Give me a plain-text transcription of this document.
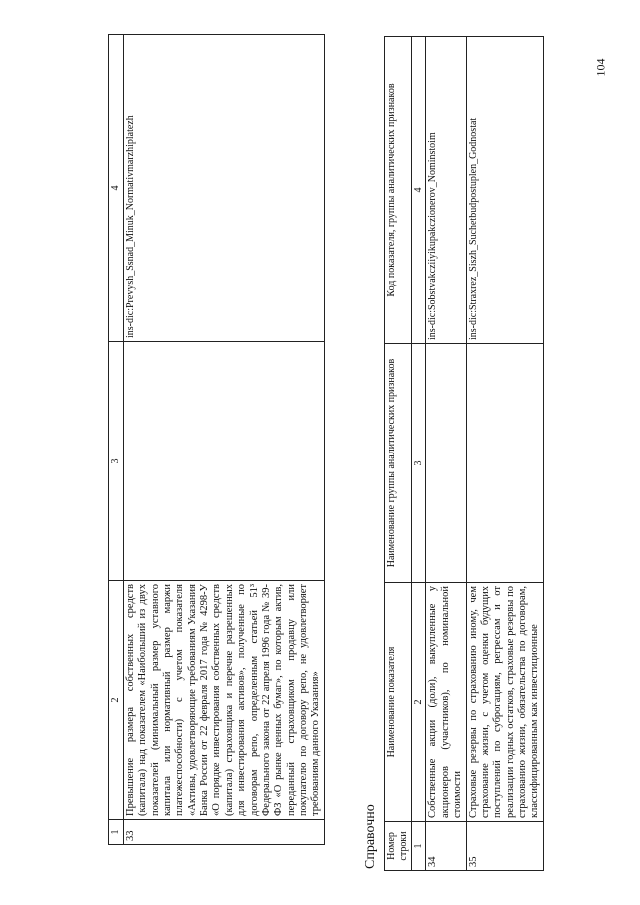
104
1	2	3	4
33	Превышение размера собственных средств (капитала) над показателем «Наибольший из двух показателей (минимальный размер уставного капитала или нормативный размер маржи платежеспособности) с учетом показателя «Активы, удовлетворяющие требованиям Указания Банка России от 22 февраля 2017 года № 4298-У «О порядке инвестирования собственных средств (капитала) страховщика и перечне разрешенных для инвестирования активов», полученные по договорам репо, определенным статьей 51³ Федерального закона от 22 апреля 1996 года № 39-ФЗ «О рынке ценных бумаг», по которым актив, переданный страховщиком продавцу или покупателю по договору репо, не удовлетворяет требованиям данного Указания»		ins-dic:Prevysh_Ssnad_Minuk_Normativmarzhiplatezh
Справочно Номер строки	Наименование показателя	Наименование группы аналитических признаков	Код показателя, группы аналитических признаков
1	2	3	4
34	Собственные акции (доли), выкупленные у акционеров (участников), по номинальной стоимости		ins-dic:Sobstvakcziiyikupakczionerov_Nominstoim
35	Страховые резервы по страхованию иному, чем страхование жизни, с учетом оценки будущих поступлений по суброгациям, регрессам и от реализации годных остатков, страховые резервы по страхованию жизни, обязательства по договорам, классифицированным как инвестиционные		ins-dic:Straxrez_Siszh_Suchetbudpostuplen_Godnostat
